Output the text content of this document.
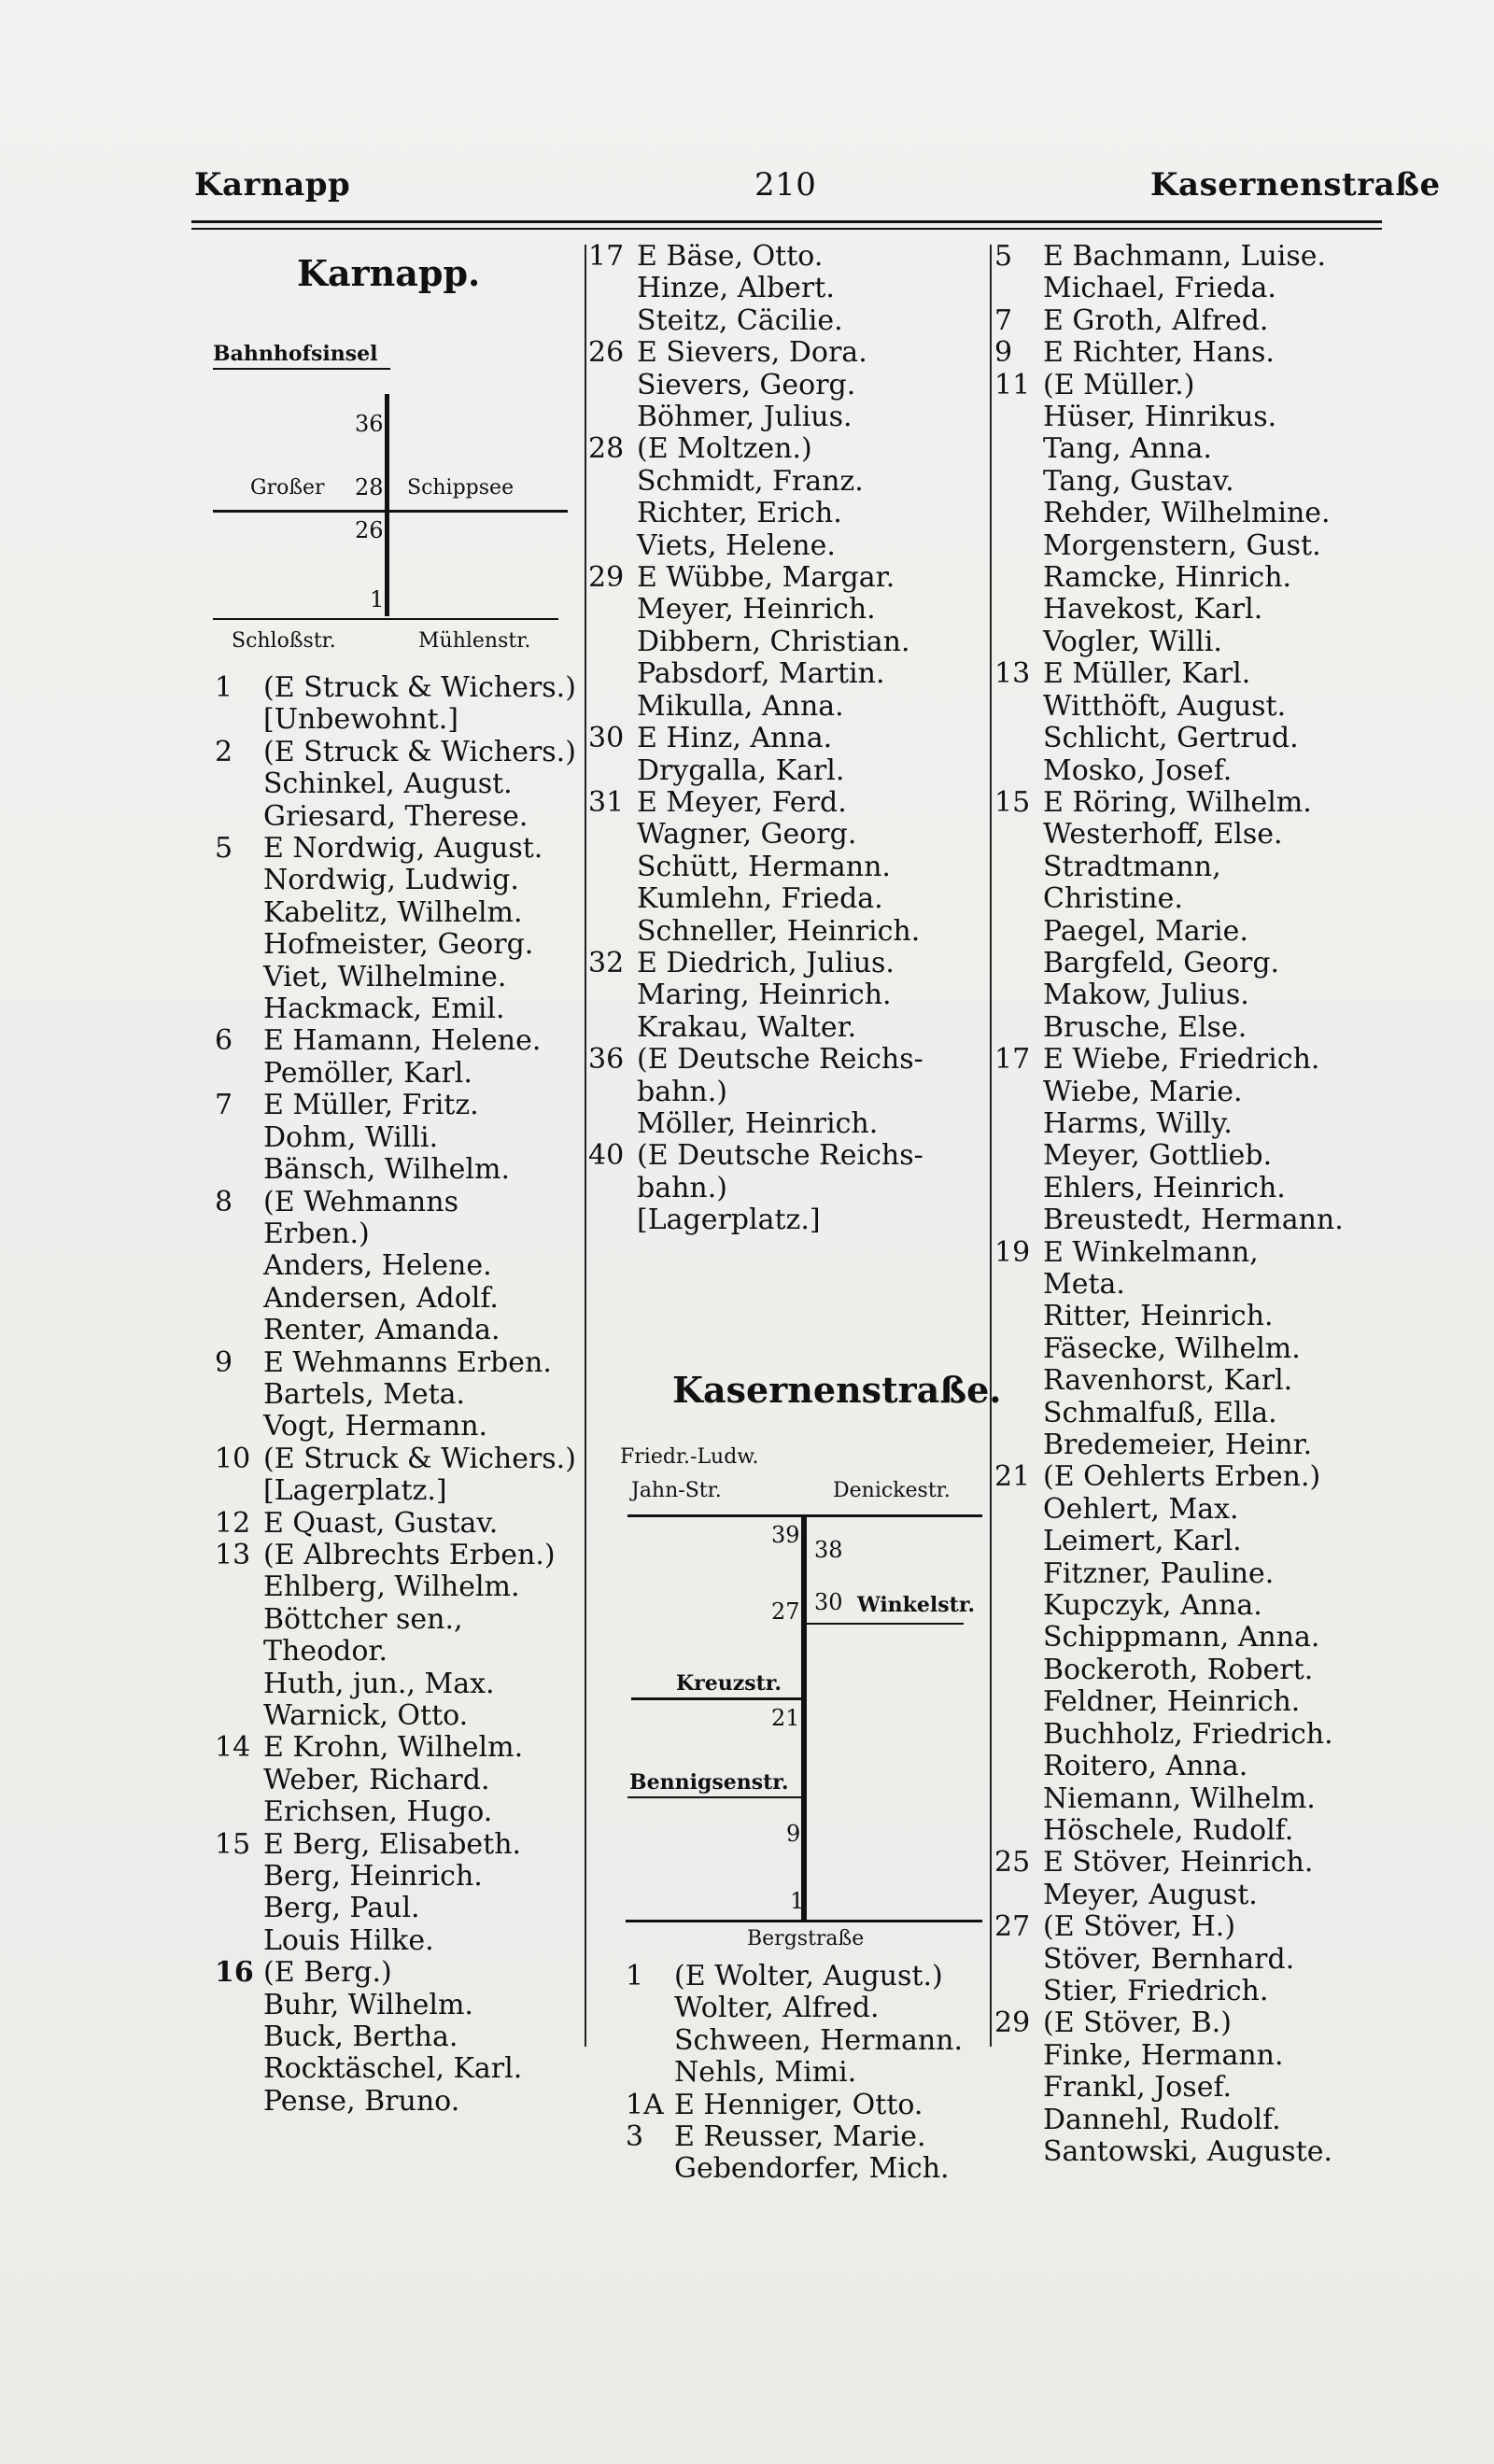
Karnapp	210	Kasernenstraße
Karnapp.
Bahnhofsinsel
36
Großer 28 Schippsee
26
1
Schloßstr.	Mühlenstr.
1	(E Struck & Wichers.)
[Unbewohnt.]
2	(E Struck & Wichers.)
Schinkel, August.
Griesard, Therese.
5	E Nordwig, August.
Nordwig, Ludwig.
Kabelitz, Wilhelm.
Hofmeister, Georg.
Viet, Wilhelmine.
Hackmack, Emil.
6	E Hamann, Helene.
Pemöller, Karl.
7	E Müller, Fritz.
Dohm, Willi.
Bänsch, Wilhelm.
8	(E Wehmanns
Erben.)
Anders, Helene.
Andersen, Adolf.
Renter, Amanda.
9	E Wehmanns Erben.
Bartels, Meta.
Vogt, Hermann.
10 (E Struck & Wichers.)
[Lagerplatz.]
12 E Quast, Gustav.
13 (E Albrechts Erben.)
Ehlberg, Wilhelm.
Böttcher sen.,
Theodor.
Huth, jun., Max.
Warnick, Otto.
14 E Krohn, Wilhelm.
Weber, Richard.
Erichsen, Hugo.
15 E Berg, Elisabeth.
Berg, Heinrich.
Berg, Paul.
Louis Hilke.
16 (E Berg.)
Buhr, Wilhelm.
Buck, Bertha.
Rocktäschel, Karl.
Pense, Bruno.
17 E Bäse, Otto.
Hinze, Albert.
Steitz, Cäcilie.
26 E Sievers, Dora.
Sievers, Georg.
Böhmer, Julius.
28 (E Moltzen.)
Schmidt, Franz.
Richter, Erich.
Viets, Helene.
29 E Wübbe, Margar.
Meyer, Heinrich.
Dibbern, Christian.
Pabsdorf, Martin.
Mikulla, Anna.
30 E Hinz, Anna.
Drygalla, Karl.
31 E Meyer, Ferd.
Wagner, Georg.
Schütt, Hermann.
Kumlehn, Frieda.
Schneller, Heinrich.
32 E Diedrich, Julius.
Maring, Heinrich.
Krakau, Walter.
36 (E Deutsche Reichs-
bahn.)
Möller, Heinrich.
40 (E Deutsche Reichs-
bahn.)
[Lagerplatz.]
Kasernenstraße.
Friedr.-Ludw.
Jahn-Str.	Denickestr.
39
38
27 30 Winkelstr.
Kreuzstr.
21
Bennigsenstr.
9
1
Bergstraße
1	(E Wolter, August.)
Wolter, Alfred.
Schween, Hermann.
Nehls, Mimi.
1A E Henniger, Otto.
3	E Reusser, Marie.
Gebendorfer, Mich.
5	E Bachmann, Luise.
Michael, Frieda.
7	E Groth, Alfred.
9	E Richter, Hans.
11 (E Müller.)
Hüser, Hinrikus.
Tang, Anna.
Tang, Gustav.
Rehder, Wilhelmine.
Morgenstern, Gust.
Ramcke, Hinrich.
Havekost, Karl.
Vogler, Willi.
13 E Müller, Karl.
Witthöft, August.
Schlicht, Gertrud.
Mosko, Josef.
15 E Röring, Wilhelm.
Westerhoff, Else.
Stradtmann,
Christine.
Paegel, Marie.
Bargfeld, Georg.
Makow, Julius.
Brusche, Else.
17 E Wiebe, Friedrich.
Wiebe, Marie.
Harms, Willy.
Meyer, Gottlieb.
Ehlers, Heinrich.
Breustedt, Hermann.
19 E Winkelmann,
Meta.
Ritter, Heinrich.
Fäsecke, Wilhelm.
Ravenhorst, Karl.
Schmalfuß, Ella.
Bredemeier, Heinr.
21 (E Oehlerts Erben.)
Oehlert, Max.
Leimert, Karl.
Fitzner, Pauline.
Kupczyk, Anna.
Schippmann, Anna.
Bockeroth, Robert.
Feldner, Heinrich.
Buchholz, Friedrich.
Roitero, Anna.
Niemann, Wilhelm.
Höschele, Rudolf.
25 E Stöver, Heinrich.
Meyer, August.
27 (E Stöver, H.)
Stöver, Bernhard.
Stier, Friedrich.
29 (E Stöver, B.)
Finke, Hermann.
Frankl, Josef.
Dannehl, Rudolf.
Santowski, Auguste.
